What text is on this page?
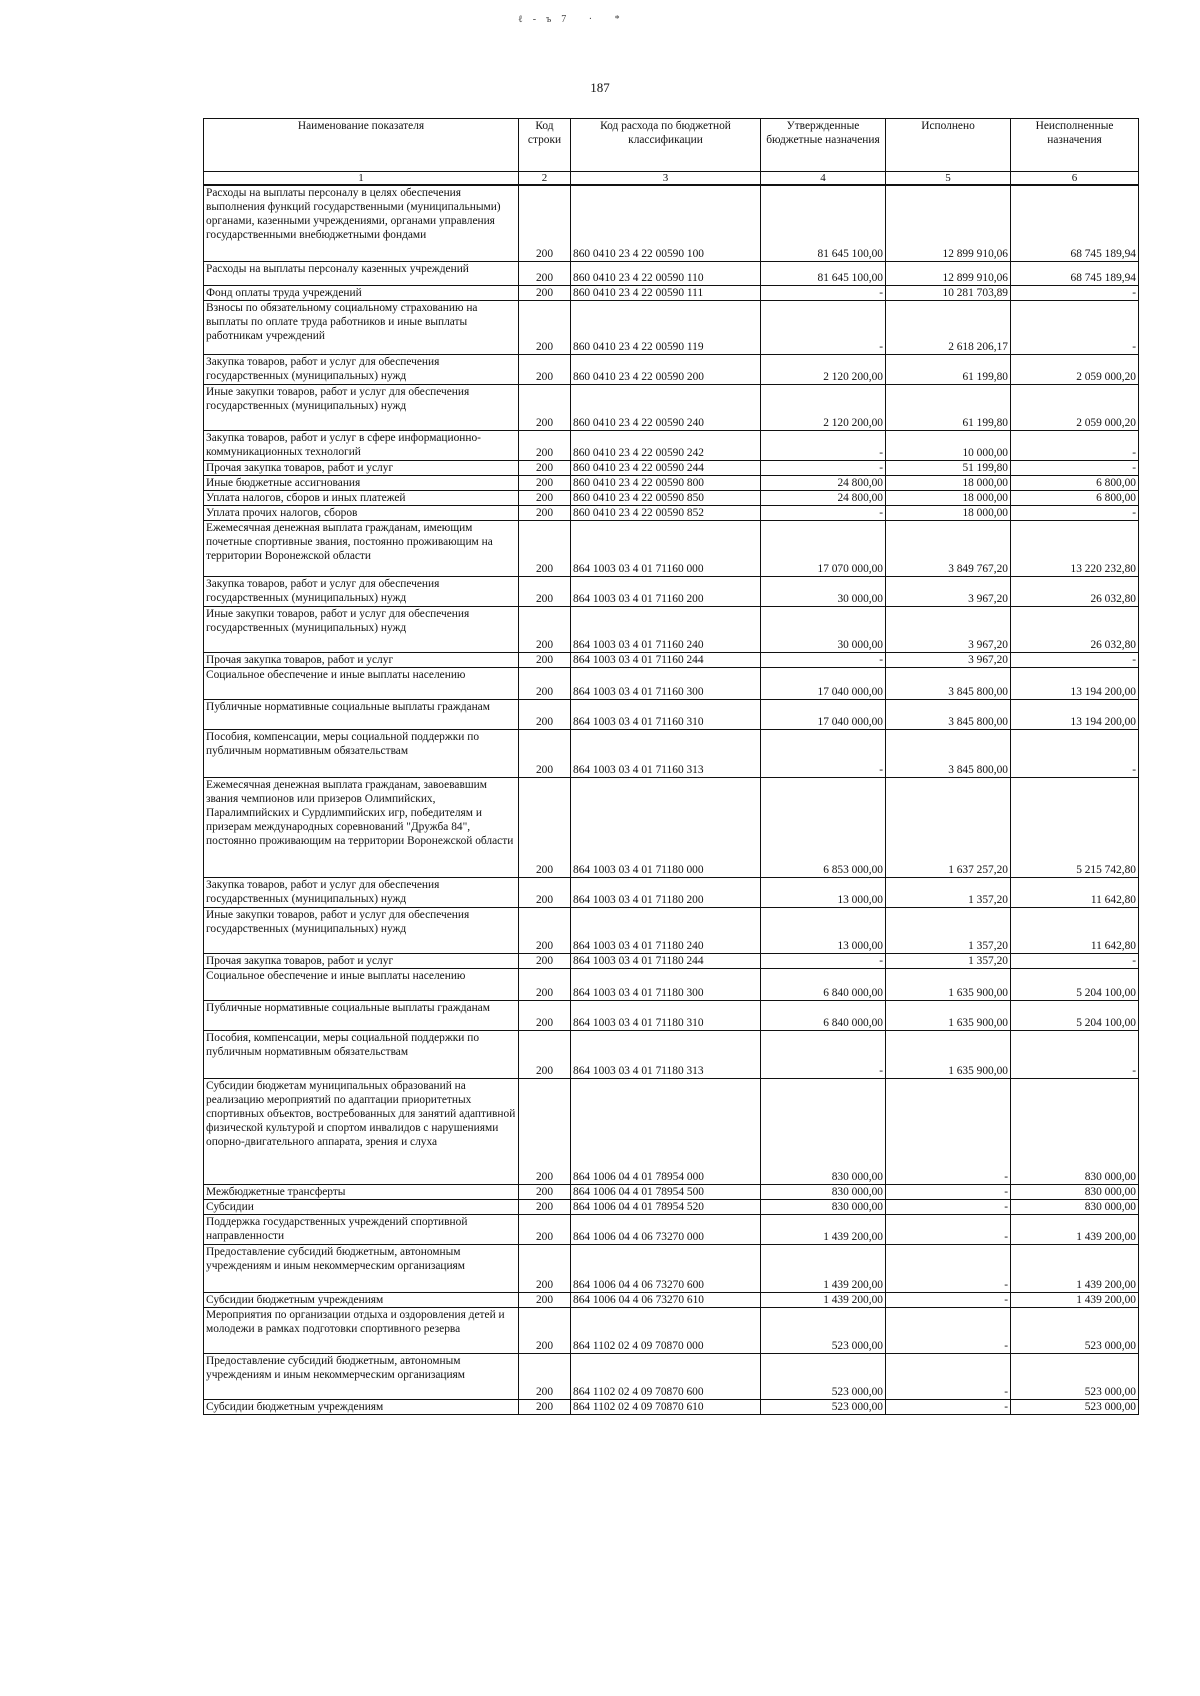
ℓ-ъ7 · *
187
Наименование показателя	Код строки	Код расхода по бюджетной классификации	Утвержденные бюджетные назначения	Исполнено	Неисполненные назначения
1	2	3	4	5	6
Расходы на выплаты персоналу в целях обеспечения выполнения функций государственными (муниципальными) органами, казенными учреждениями, органами управления государственными внебюджетными фондами	200	860 0410 23 4 22 00590 100	81 645 100,00	12 899 910,06	68 745 189,94
Расходы на выплаты персоналу казенных учреждений	200	860 0410 23 4 22 00590 110	81 645 100,00	12 899 910,06	68 745 189,94
Фонд оплаты труда учреждений	200	860 0410 23 4 22 00590 111	-	10 281 703,89	-
Взносы по обязательному социальному страхованию на выплаты по оплате труда работников и иные выплаты работникам учреждений	200	860 0410 23 4 22 00590 119	-	2 618 206,17	-
Закупка товаров, работ и услуг для обеспечения государственных (муниципальных) нужд	200	860 0410 23 4 22 00590 200	2 120 200,00	61 199,80	2 059 000,20
Иные закупки товаров, работ и услуг для обеспечения государственных (муниципальных) нужд	200	860 0410 23 4 22 00590 240	2 120 200,00	61 199,80	2 059 000,20
Закупка товаров, работ и услуг в сфере информационно-коммуникационных технологий	200	860 0410 23 4 22 00590 242	-	10 000,00	-
Прочая закупка товаров, работ и услуг	200	860 0410 23 4 22 00590 244	-	51 199,80	-
Иные бюджетные ассигнования	200	860 0410 23 4 22 00590 800	24 800,00	18 000,00	6 800,00
Уплата налогов, сборов и иных платежей	200	860 0410 23 4 22 00590 850	24 800,00	18 000,00	6 800,00
Уплата прочих налогов, сборов	200	860 0410 23 4 22 00590 852	-	18 000,00	-
Ежемесячная денежная выплата гражданам, имеющим почетные спортивные звания, постоянно проживающим на территории Воронежской области	200	864 1003 03 4 01 71160 000	17 070 000,00	3 849 767,20	13 220 232,80
Закупка товаров, работ и услуг для обеспечения государственных (муниципальных) нужд	200	864 1003 03 4 01 71160 200	30 000,00	3 967,20	26 032,80
Иные закупки товаров, работ и услуг для обеспечения государственных (муниципальных) нужд	200	864 1003 03 4 01 71160 240	30 000,00	3 967,20	26 032,80
Прочая закупка товаров, работ и услуг	200	864 1003 03 4 01 71160 244	-	3 967,20	-
Социальное обеспечение и иные выплаты населению	200	864 1003 03 4 01 71160 300	17 040 000,00	3 845 800,00	13 194 200,00
Публичные нормативные социальные выплаты гражданам	200	864 1003 03 4 01 71160 310	17 040 000,00	3 845 800,00	13 194 200,00
Пособия, компенсации, меры социальной поддержки по публичным нормативным обязательствам	200	864 1003 03 4 01 71160 313	-	3 845 800,00	-
Ежемесячная денежная выплата гражданам, завоевавшим звания чемпионов или призеров Олимпийских, Паралимпийских и Сурдлимпийских игр, победителям и призерам международных соревнований "Дружба 84", постоянно проживающим на территории Воронежской области	200	864 1003 03 4 01 71180 000	6 853 000,00	1 637 257,20	5 215 742,80
Закупка товаров, работ и услуг для обеспечения государственных (муниципальных) нужд	200	864 1003 03 4 01 71180 200	13 000,00	1 357,20	11 642,80
Иные закупки товаров, работ и услуг для обеспечения государственных (муниципальных) нужд	200	864 1003 03 4 01 71180 240	13 000,00	1 357,20	11 642,80
Прочая закупка товаров, работ и услуг	200	864 1003 03 4 01 71180 244	-	1 357,20	-
Социальное обеспечение и иные выплаты населению	200	864 1003 03 4 01 71180 300	6 840 000,00	1 635 900,00	5 204 100,00
Публичные нормативные социальные выплаты гражданам	200	864 1003 03 4 01 71180 310	6 840 000,00	1 635 900,00	5 204 100,00
Пособия, компенсации, меры социальной поддержки по публичным нормативным обязательствам	200	864 1003 03 4 01 71180 313	-	1 635 900,00	-
Субсидии бюджетам муниципальных образований на реализацию мероприятий по адаптации приоритетных спортивных объектов, востребованных для занятий адаптивной физической культурой и спортом инвалидов с нарушениями опорно-двигательного аппарата, зрения и слуха	200	864 1006 04 4 01 78954 000	830 000,00	-	830 000,00
Межбюджетные трансферты	200	864 1006 04 4 01 78954 500	830 000,00	-	830 000,00
Субсидии	200	864 1006 04 4 01 78954 520	830 000,00	-	830 000,00
Поддержка государственных учреждений спортивной направленности	200	864 1006 04 4 06 73270 000	1 439 200,00	-	1 439 200,00
Предоставление субсидий бюджетным, автономным учреждениям и иным некоммерческим организациям	200	864 1006 04 4 06 73270 600	1 439 200,00	-	1 439 200,00
Субсидии бюджетным учреждениям	200	864 1006 04 4 06 73270 610	1 439 200,00	-	1 439 200,00
Мероприятия по организации отдыха и оздоровления детей и молодежи в рамках подготовки спортивного резерва	200	864 1102 02 4 09 70870 000	523 000,00	-	523 000,00
Предоставление субсидий бюджетным, автономным учреждениям и иным некоммерческим организациям	200	864 1102 02 4 09 70870 600	523 000,00	-	523 000,00
Субсидии бюджетным учреждениям	200	864 1102 02 4 09 70870 610	523 000,00	-	523 000,00
